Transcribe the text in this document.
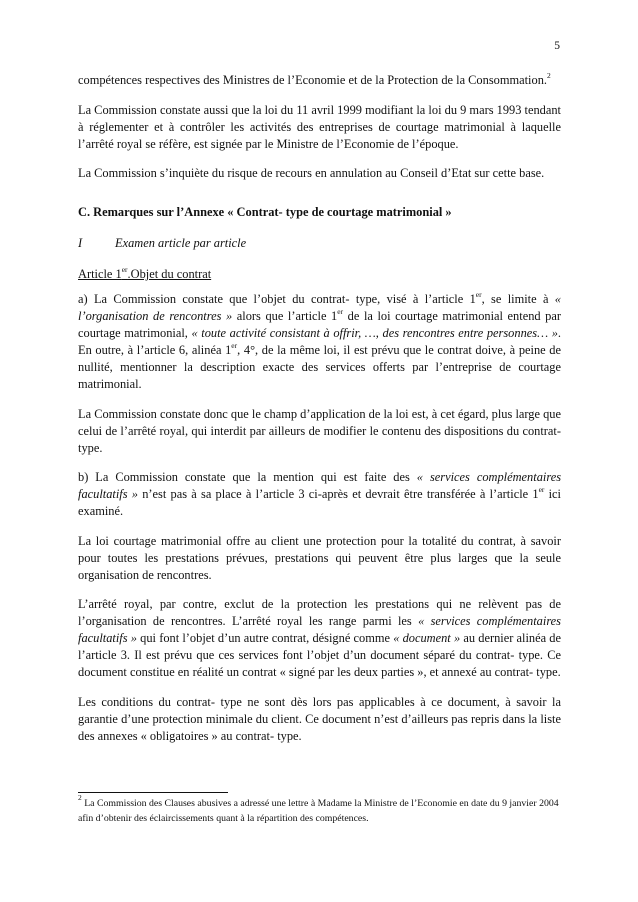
5

compétences respectives des Ministres de l’Economie et de la Protection de la Consommation.$^2$

La Commission constate aussi que la loi du 11 avril 1999 modifiant la loi du 9 mars 1993 tendant à réglementer et à contrôler les activités des entreprises de courtage matrimonial à laquelle l’arrêté royal se réfère, est signée par le Ministre de l’Economie de l’époque.

La Commission s’inquiète du risque de recours en annulation au Conseil d’Etat sur cette base.

C. Remarques sur l’Annexe « Contrat- type de courtage matrimonial »

I	Examen article par article

Article 1er.Objet du contrat

a) La Commission constate que l’objet du contrat- type, visé à l’article 1er, se limite à « l’organisation de rencontres » alors que l’article 1er de la loi courtage matrimonial entend par courtage matrimonial, « toute activité consistant à offrir, …, des rencontres entre personnes… ». En outre, à l’article 6, alinéa 1er, 4°, de la même loi, il est prévu que le contrat doive, à peine de nullité, mentionner la description exacte des services offerts par l’entreprise de courtage matrimonial.

La Commission constate donc que le champ d’application de la loi est, à cet égard, plus large que celui de l’arrêté royal, qui interdit par ailleurs de modifier le contenu des dispositions du contrat-type.

b) La Commission constate que la mention qui est faite des « services complémentaires facultatifs » n’est pas à sa place à l’article 3 ci-après et devrait être transférée à l’article 1er ici examiné.

La loi courtage matrimonial offre au client une protection pour la totalité du contrat, à savoir pour toutes les prestations prévues, prestations qui peuvent être plus larges que la seule organisation de rencontres.

L’arrêté royal, par contre, exclut de la protection les prestations qui ne relèvent pas de l’organisation de rencontres. L’arrêté royal les range parmi les « services complémentaires facultatifs » qui font l’objet d’un autre contrat, désigné comme « document » au dernier alinéa de l’article 3. Il est prévu que ces services font l’objet d’un document séparé du contrat- type. Ce document constitue en réalité un contrat « signé par les deux parties », et annexé au contrat- type.

Les conditions du contrat- type ne sont dès lors pas applicables à ce document, à savoir la garantie d’une protection minimale du client. Ce document n’est d’ailleurs pas repris dans la liste des annexes « obligatoires » au contrat- type.

$^2$ La Commission des Clauses abusives a adressé une lettre à Madame la Ministre de l’Economie en date du 9 janvier 2004 afin d’obtenir des éclaircissements quant à la répartition des compétences.
